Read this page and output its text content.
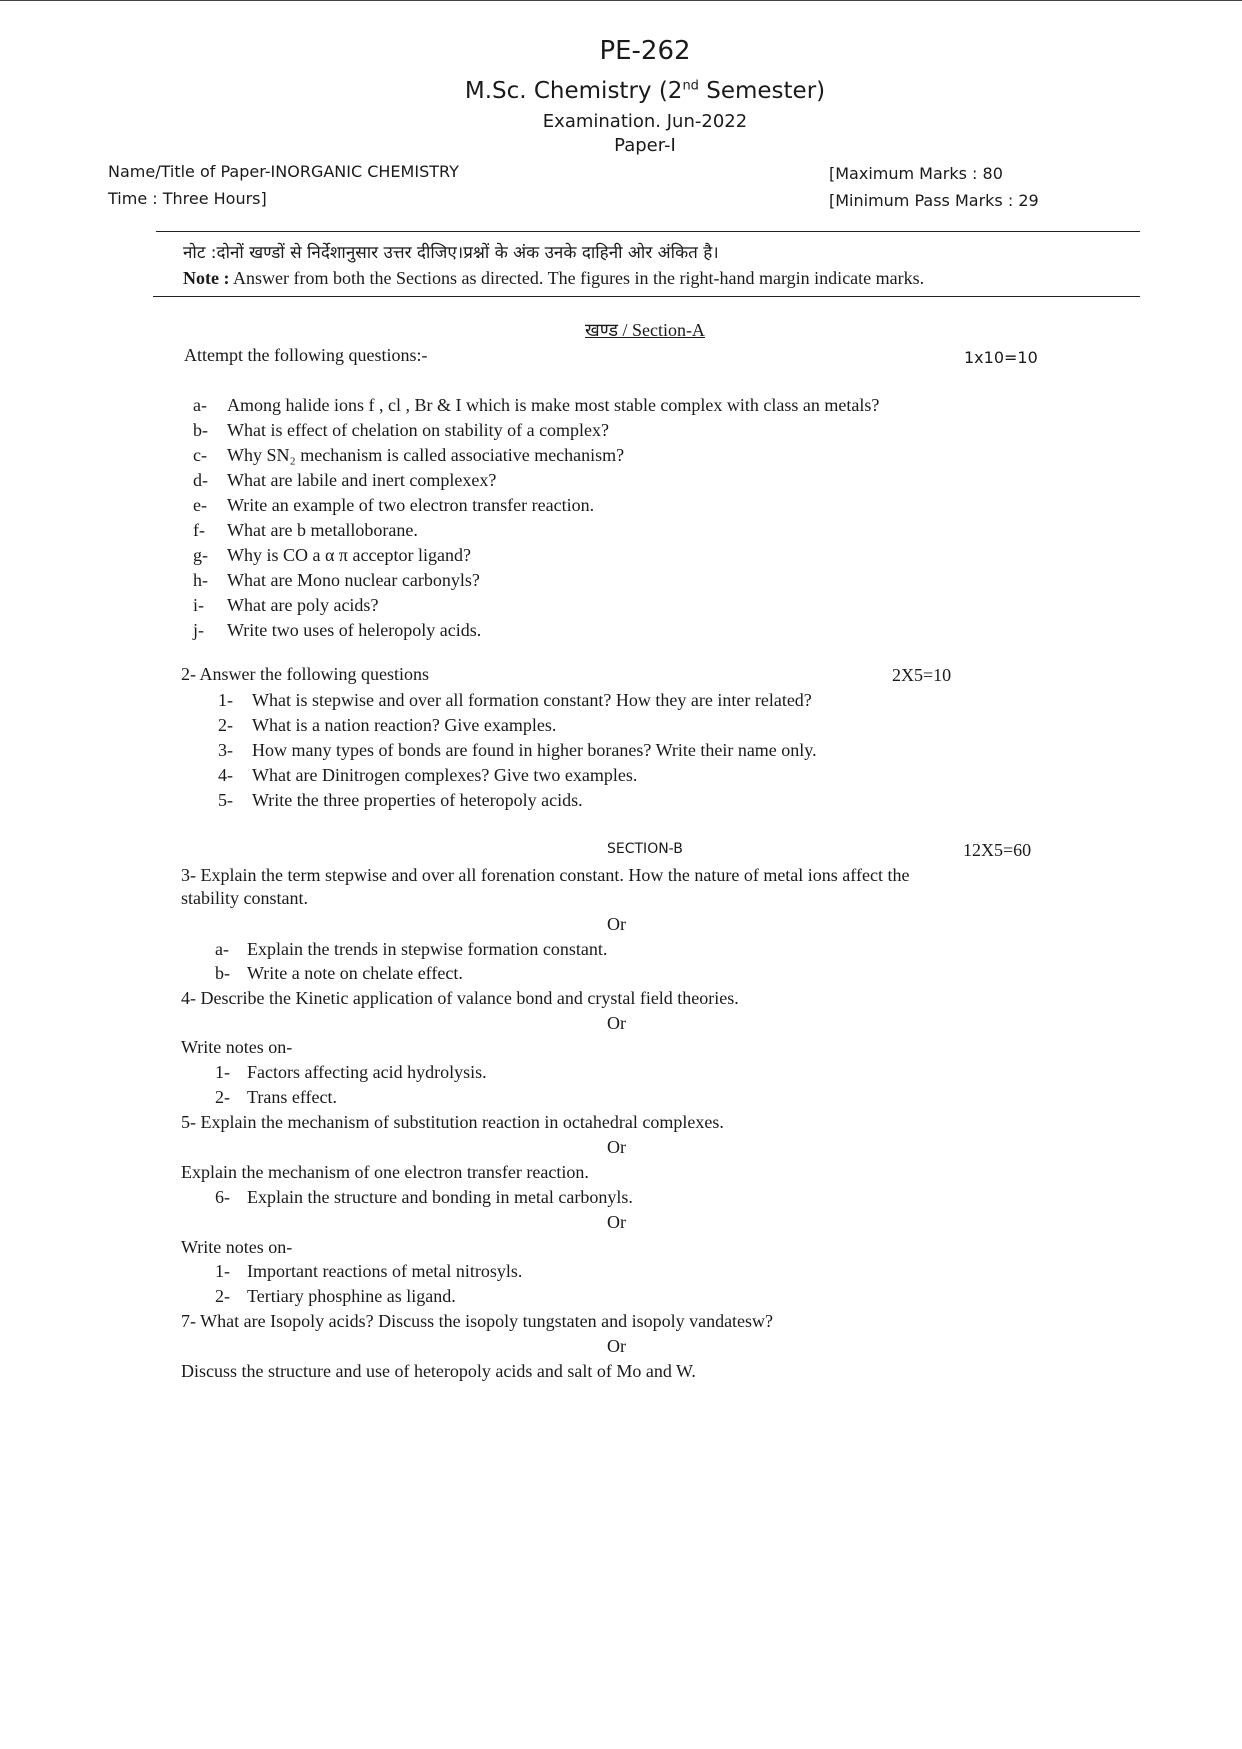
PE-262
M.Sc. Chemistry (2nd Semester)
Examination. Jun-2022
Paper-I
Name/Title of Paper-INORGANIC CHEMISTRY
Time : Three Hours]
[Maximum Marks : 80
[Minimum Pass Marks : 29
नोट :दोनों खण्डों से निर्देशानुसार उत्तर दीजिए।प्रश्नों के अंक उनके दाहिनी ओर अंकित है।
Note : Answer from both the Sections as directed. The figures in the right-hand margin indicate marks.
खण्ड / Section-A
Attempt the following questions:-	1x10=10
a- Among halide ions f , cl , Br & I which is make most stable complex with class an metals?
b- What is effect of chelation on stability of a complex?
c- Why SN₂ mechanism is called associative mechanism?
d- What are labile and inert complexex?
e- Write an example of two electron transfer reaction.
f- What are b metalloborane.
g- Why is CO a α π acceptor ligand?
h- What are Mono nuclear carbonyls?
i- What are poly acids?
j- Write two uses of heleropoly acids.
2- Answer the following questions	2X5=10
1- What is stepwise and over all formation constant? How they are inter related?
2- What is a nation reaction? Give examples.
3- How many types of bonds are found in higher boranes? Write their name only.
4- What are Dinitrogen complexes? Give two examples.
5- Write the three properties of heteropoly acids.
SECTION-B	12X5=60
3- Explain the term stepwise and over all forenation constant. How the nature of metal ions affect the
stability constant.
Or
a- Explain the trends in stepwise formation constant.
b- Write a note on chelate effect.
4- Describe the Kinetic application of valance bond and crystal field theories.
Or
Write notes on-
1- Factors affecting acid hydrolysis.
2- Trans effect.
5- Explain the mechanism of substitution reaction in octahedral complexes.
Or
Explain the mechanism of one electron transfer reaction.
6- Explain the structure and bonding in metal carbonyls.
Or
Write notes on-
1- Important reactions of metal nitrosyls.
2- Tertiary phosphine as ligand.
7- What are Isopoly acids? Discuss the isopoly tungstaten and isopoly vandatesw?
Or
Discuss the structure and use of heteropoly acids and salt of Mo and W.
